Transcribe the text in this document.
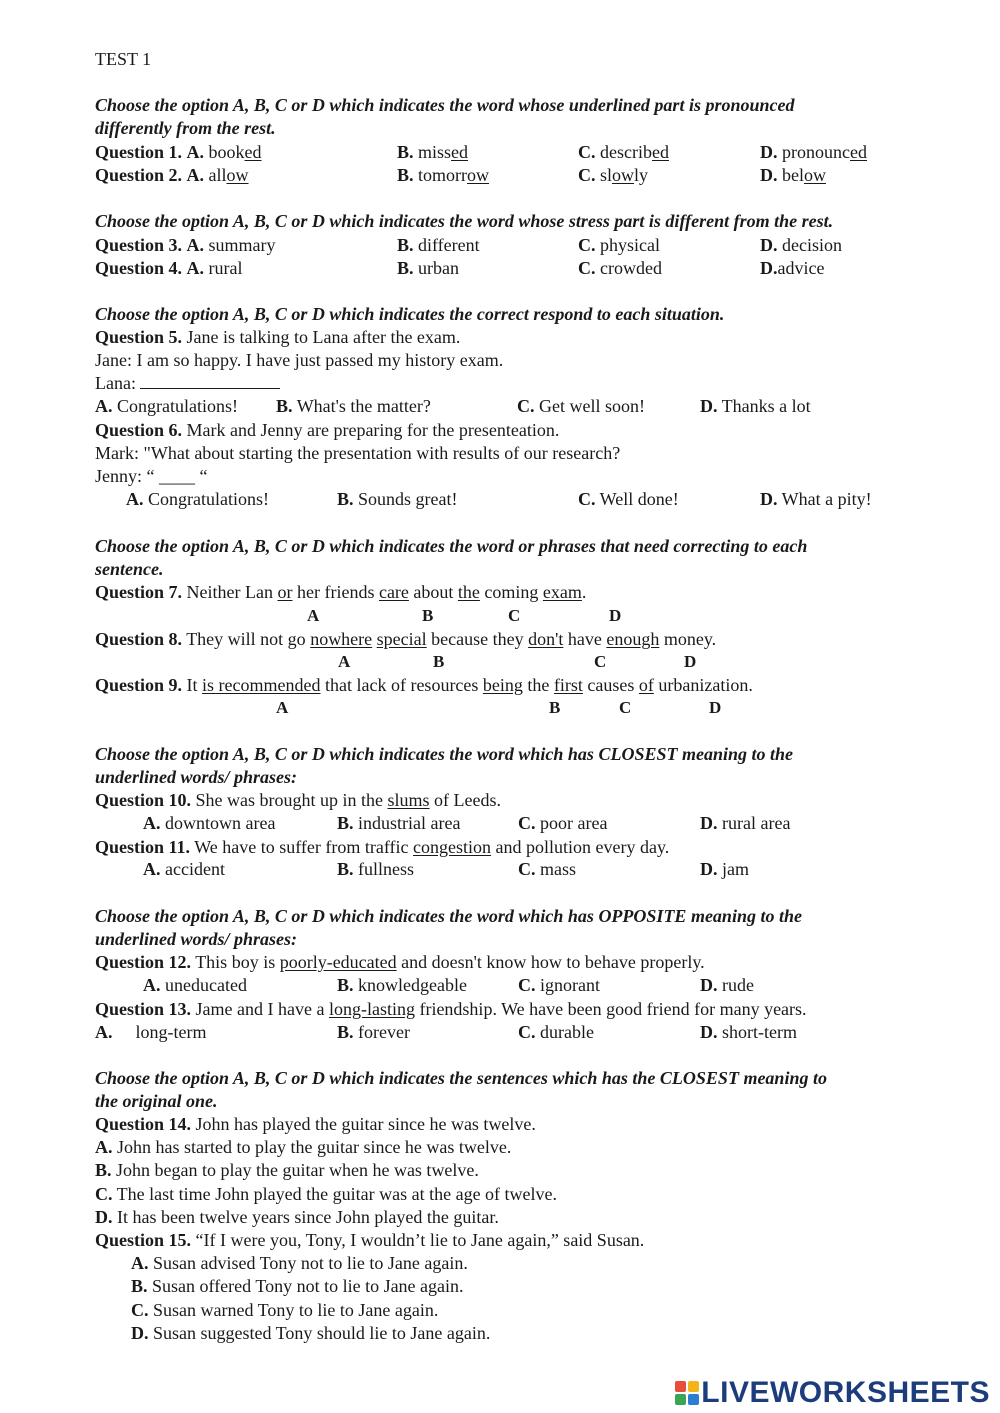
TEST 1
Choose the option A, B, C or D which indicates the word whose underlined part is pronounced
differently from the rest.
Question 1. A. booked	B. missed	C. described	D. pronounced
Question 2. A. allow	B. tomorrow	C. slowly	D. below
Choose the option A, B, C or D which indicates the word whose stress part is different from the rest.
Question 3. A. summary	B. different	C. physical	D. decision
Question 4. A. rural	B. urban	C. crowded	D.advice
Choose the option A, B, C or D which indicates the correct respond to each situation.
Question 5. Jane is talking to Lana after the exam.
Jane: I am so happy. I have just passed my history exam.
Lana:
A. Congratulations! B. What's the matter?	C. Get well soon!	D. Thanks a lot
Question 6. Mark and Jenny are preparing for the presenteation.
Mark: "What about starting the presentation with results of our research?
Jenny: “ ____ “
A. Congratulations!	B. Sounds great!	C. Well done!	D. What a pity!
Choose the option A, B, C or D which indicates the word or phrases that need correcting to each
sentence.
Question 7. Neither Lan or her friends care about the coming exam.
A	B	C	D
Question 8. They will not go nowhere special because they don't have enough money.
A	B	C	D
Question 9. It is recommended that lack of resources being the first causes of urbanization.
A	B	C	D
Choose the option A, B, C or D which indicates the word which has CLOSEST meaning to the
underlined words/ phrases:
Question 10. She was brought up in the slums of Leeds.
A. downtown area	B. industrial area	C. poor area	D. rural area
Question 11. We have to suffer from traffic congestion and pollution every day.
A. accident	B. fullness	C. mass	D. jam
Choose the option A, B, C or D which indicates the word which has OPPOSITE meaning to the
underlined words/ phrases:
Question 12. This boy is poorly-educated and doesn't know how to behave properly.
A. uneducated	B. knowledgeable	C. ignorant	D. rude
Question 13. Jame and I have a long-lasting friendship. We have been good friend for many years.
A. long-term	B. forever	C. durable	D. short-term
Choose the option A, B, C or D which indicates the sentences which has the CLOSEST meaning to
the original one.
Question 14. John has played the guitar since he was twelve.
A. John has started to play the guitar since he was twelve.
B. John began to play the guitar when he was twelve.
C. The last time John played the guitar was at the age of twelve.
D. It has been twelve years since John played the guitar.
Question 15. “If I were you, Tony, I wouldn’t lie to Jane again,” said Susan.
A. Susan advised Tony not to lie to Jane again.
B. Susan offered Tony not to lie to Jane again.
C. Susan warned Tony to lie to Jane again.
D. Susan suggested Tony should lie to Jane again.
LIVEWORKSHEETS
